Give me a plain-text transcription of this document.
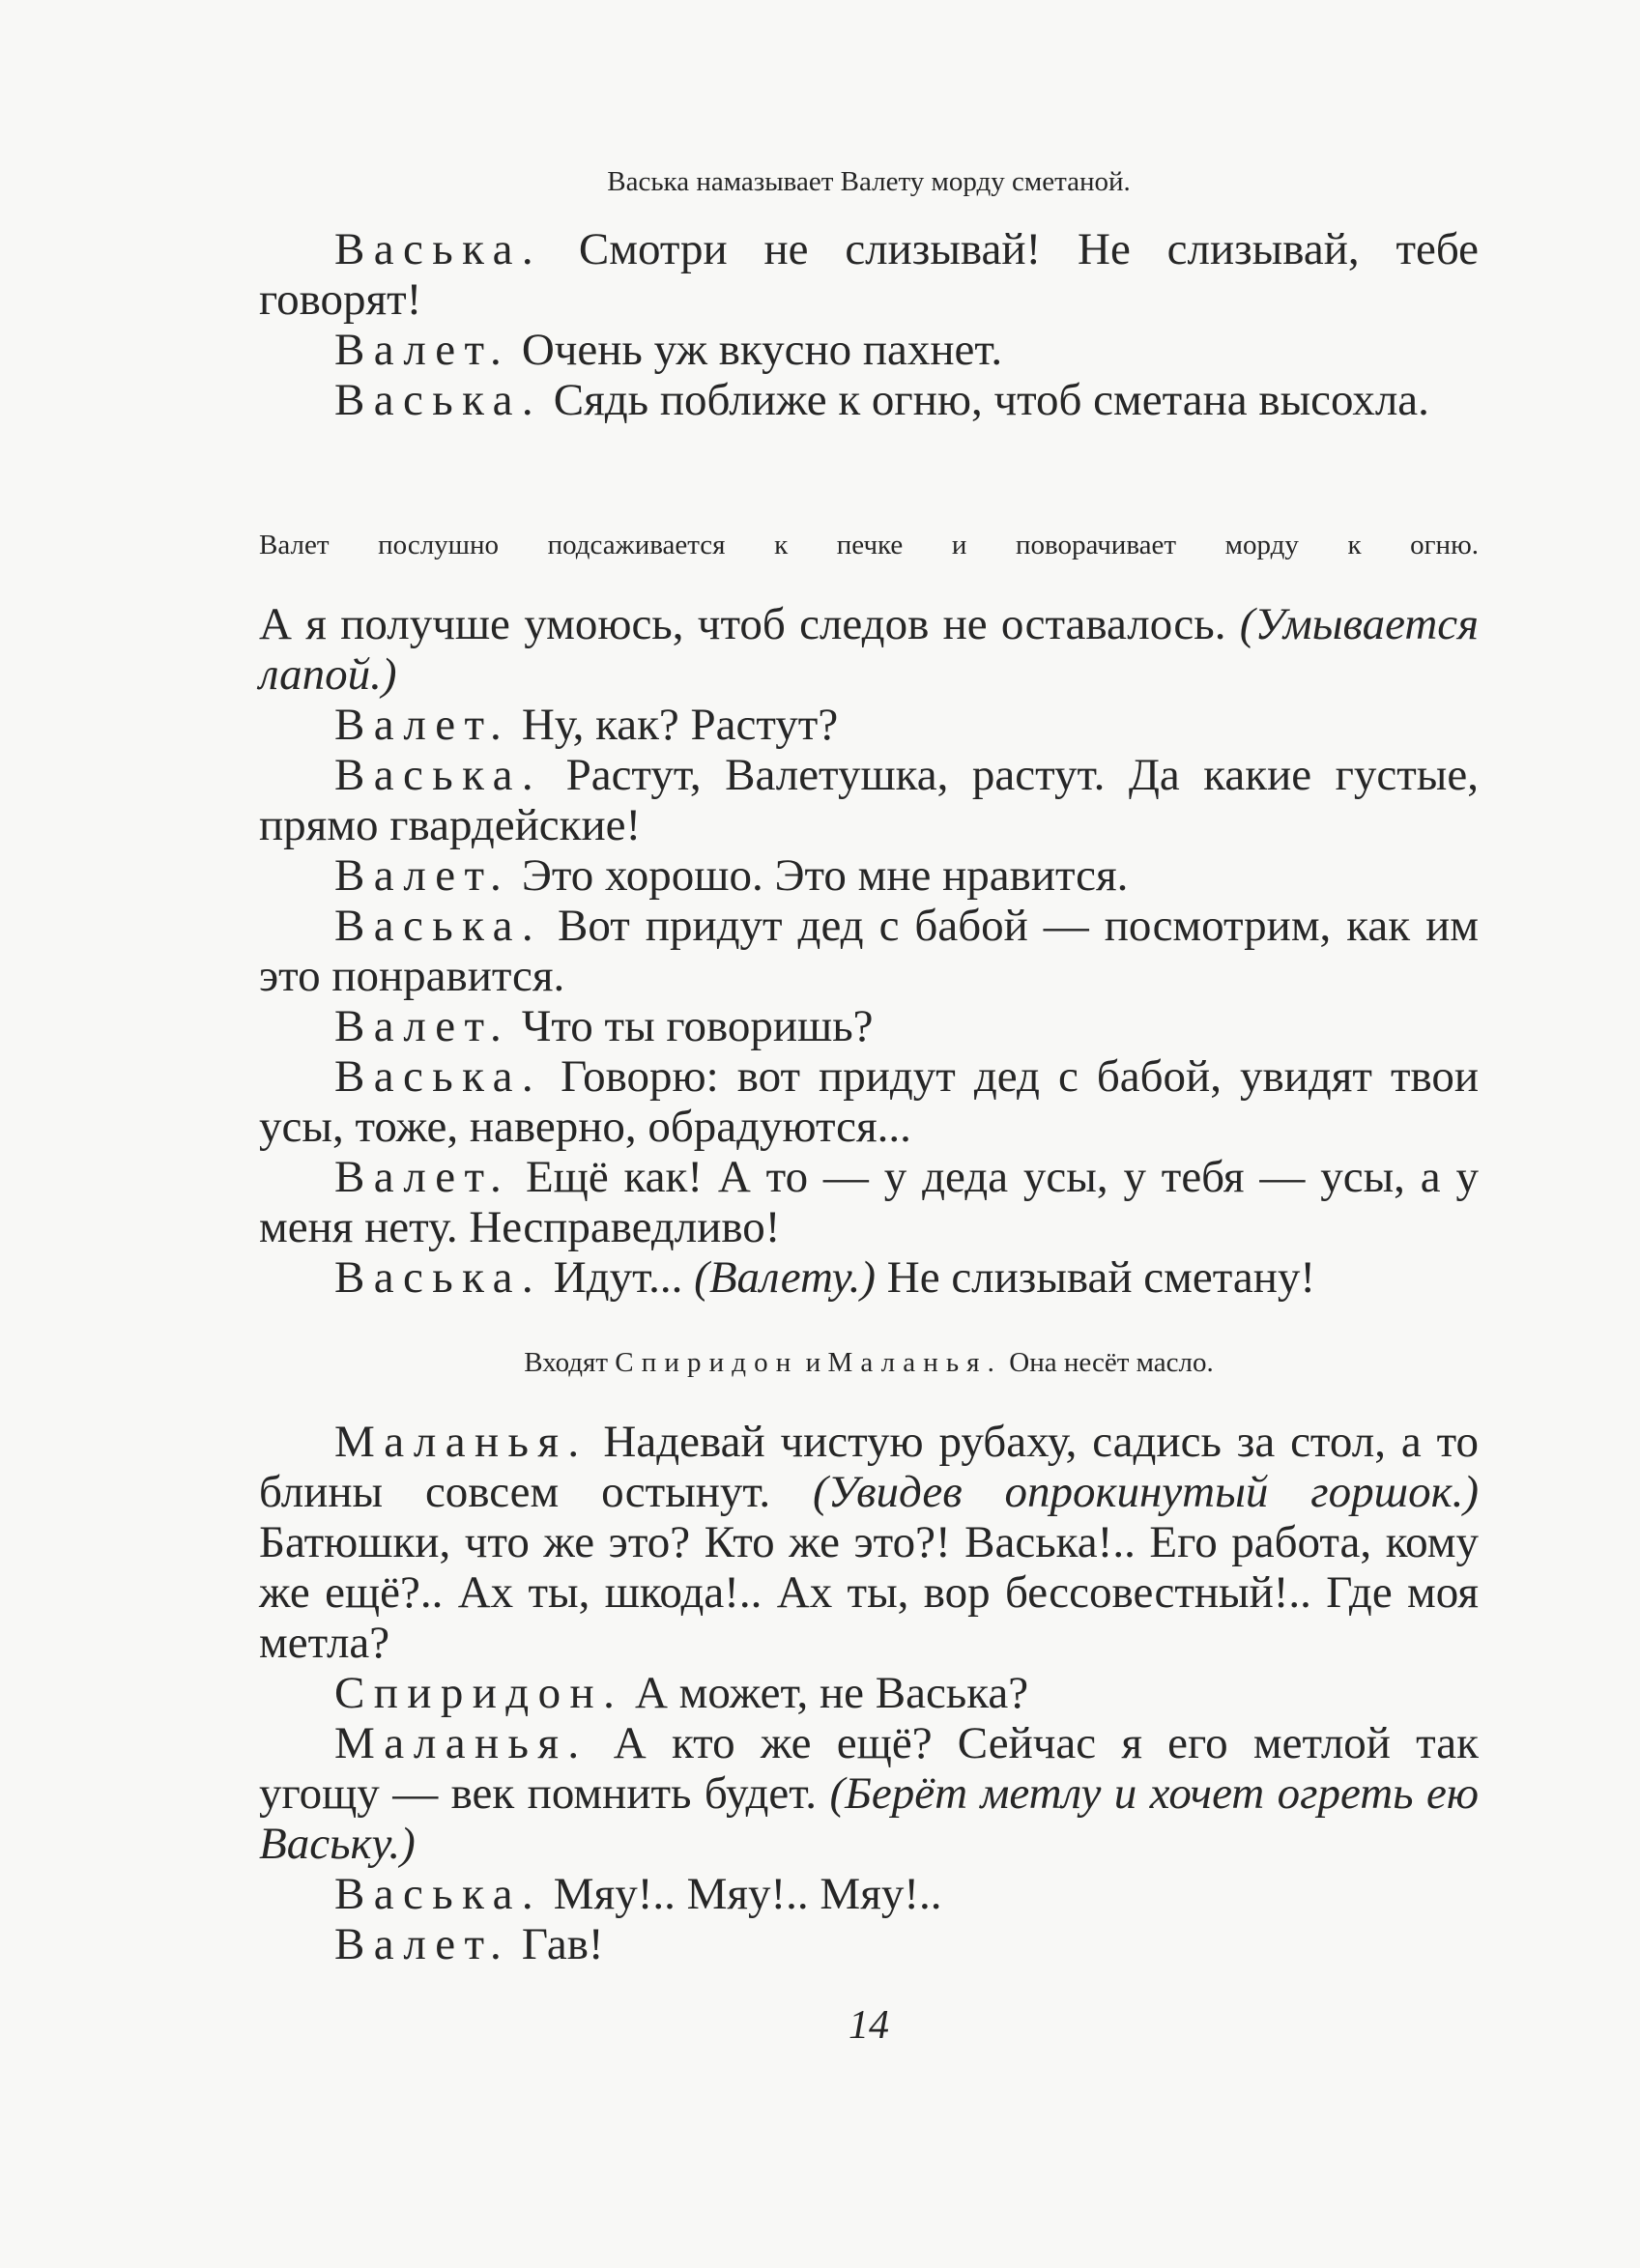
Васька намазывает Валету морду сметаной.

Васька. Смотри не слизывай! Не слизывай, тебе говорят!

Валет. Очень уж вкусно пахнет.

Васька. Сядь поближе к огню, чтоб сметана высохла.

Валет послушно подсаживается к печке и поворачивает морду к огню.

А я получше умоюсь, чтоб следов не оставалось. (Умывается лапой.)

Валет. Ну, как? Растут?

Васька. Растут, Валетушка, растут. Да какие густые, прямо гвардейские!

Валет. Это хорошо. Это мне нравится.

Васька. Вот придут дед с бабой — посмотрим, как им это понравится.

Валет. Что ты говоришь?

Васька. Говорю: вот придут дед с бабой, увидят твои усы, тоже, наверно, обрадуются...

Валет. Ещё как! А то — у деда усы, у тебя — усы, а у меня нету. Несправедливо!

Васька. Идут... (Валету.) Не слизывай сметану!

Входят Спиридон и Маланья. Она несёт масло.

Маланья. Надевай чистую рубаху, садись за стол, а то блины совсем остынут. (Увидев опрокинутый горшок.) Батюшки, что же это? Кто же это?! Васька!.. Его работа, кому же ещё?.. Ах ты, шкода!.. Ах ты, вор бессовестный!.. Где моя метла?

Спиридон. А может, не Васька?

Маланья. А кто же ещё? Сейчас я его метлой так угощу — век помнить будет. (Берёт метлу и хочет огреть ею Ваську.)

Васька. Мяу!.. Мяу!.. Мяу!..

Валет. Гав!

14
